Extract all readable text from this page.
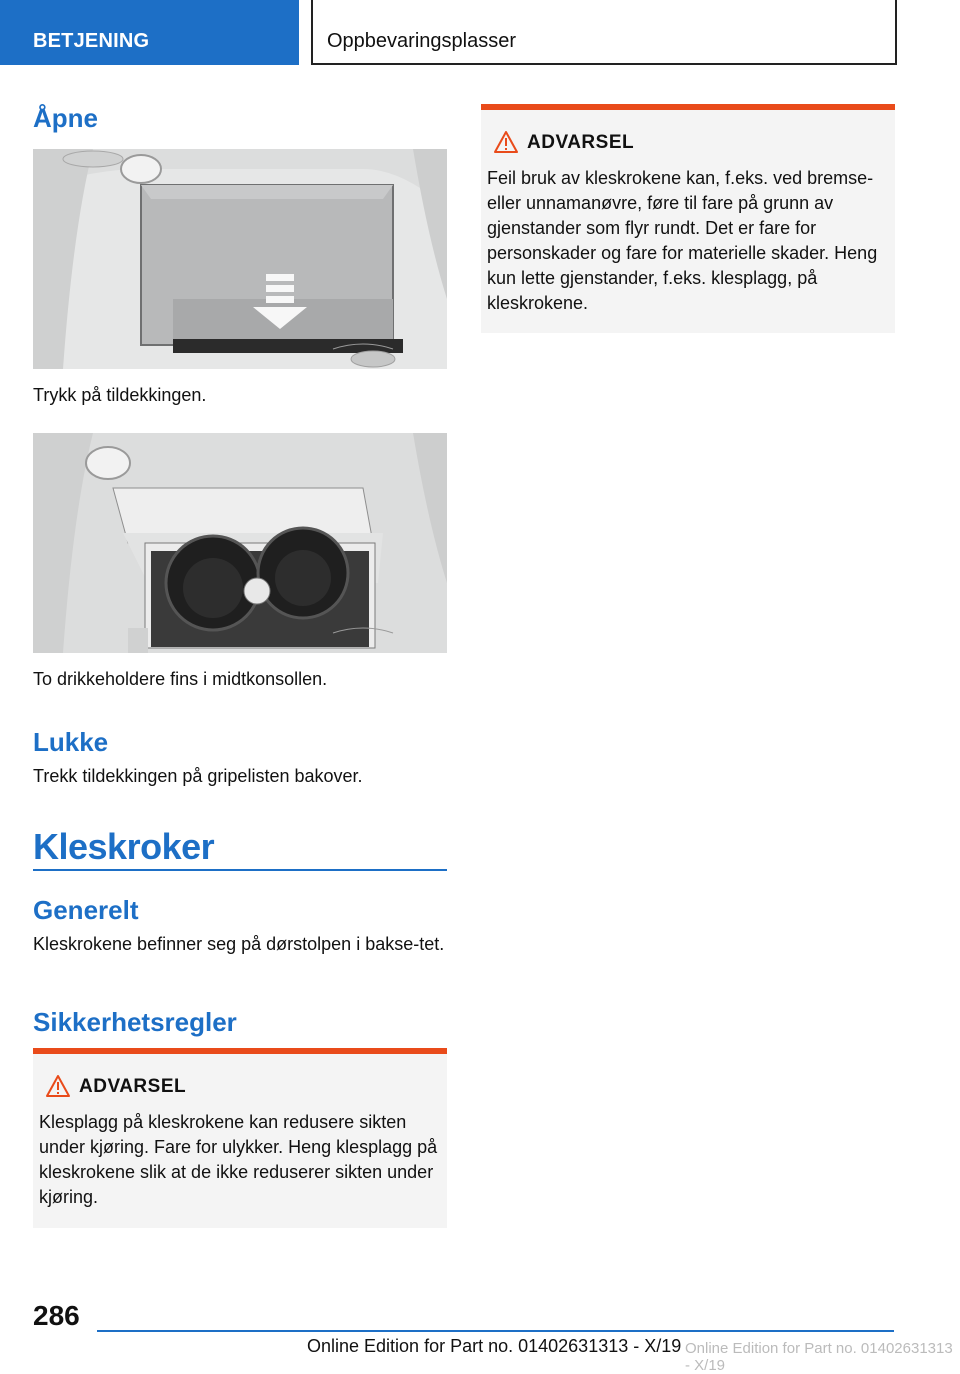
BETJENING	Oppbevaringsplasser
Åpne

Trykk på tildekkingen.

To drikkeholdere fins i midtkonsollen.

Lukke

Trekk tildekkingen på gripelisten bakover.

Kleskroker
Generelt

Kleskrokene befinner seg på dørstolpen i bakse-tet.

Sikkerhetsregler
ADVARSEL
Klesplagg på kleskrokene kan redusere sikten under kjøring. Fare for ulykker. Heng klesplagg på kleskrokene slik at de ikke reduserer sikten under kjøring.
ADVARSEL
Feil bruk av kleskrokene kan, f.eks. ved bremse- eller unnamanøvre, føre til fare på grunn av gjenstander som flyr rundt. Det er fare for personskader og fare for materielle skader. Heng kun lette gjenstander, f.eks. klesplagg, på kleskrokene.
286
Online Edition for Part no. 01402631313 - X/19 Online Edition for Part no. 01402631313 - X/19
